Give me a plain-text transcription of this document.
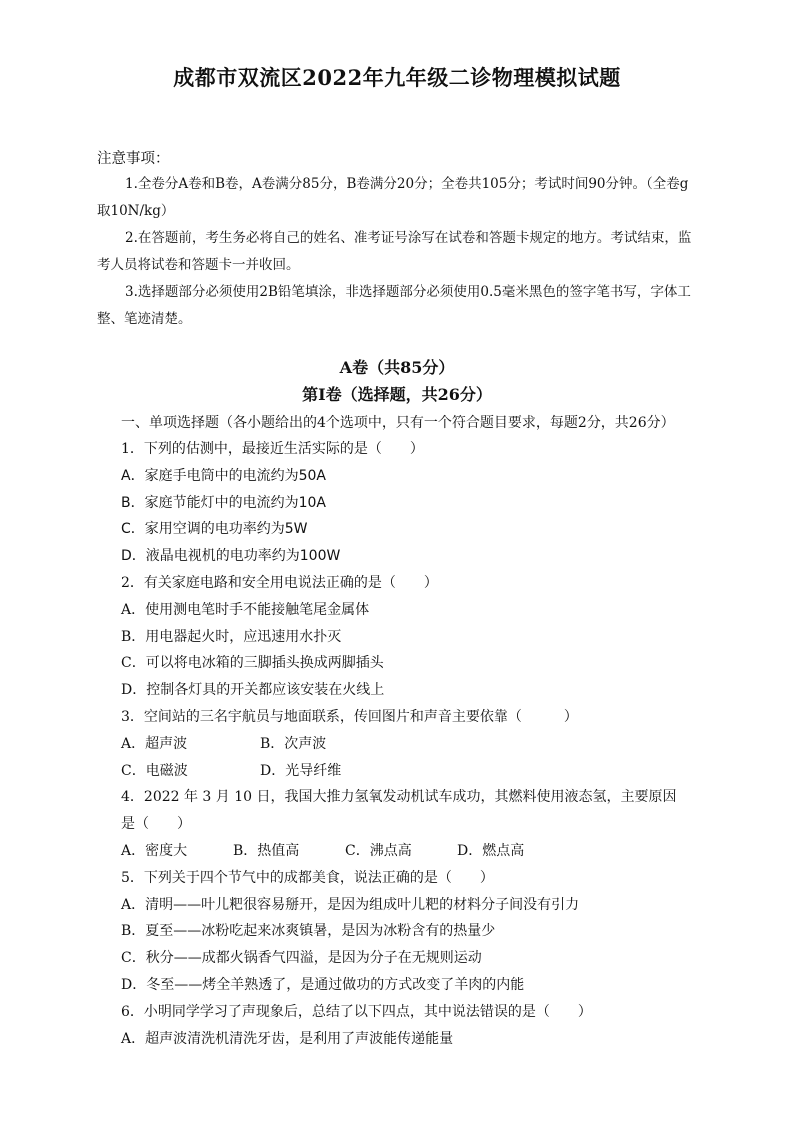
成都市双流区2022年九年级二诊物理模拟试题
注意事项：

1.全卷分A卷和B卷，A卷满分85分，B卷满分20分；全卷共105分；考试时间90分钟。（全卷g取10N/kg）

2.在答题前，考生务必将自己的姓名、准考证号涂写在试卷和答题卡规定的地方。考试结束，监考人员将试卷和答题卡一并收回。

3.选择题部分必须使用2B铅笔填涂，非选择题部分必须使用0.5毫米黑色的签字笔书写，字体工整、笔迹清楚。

A卷（共85分）
第Ⅰ卷（选择题，共26分）
一、单项选择题（各小题给出的4个选项中，只有一个符合题目要求，每题2分，共26分）
1．下列的估测中，最接近生活实际的是（　　）
A．家庭手电筒中的电流约为50A
B．家庭节能灯中的电流约为10A
C．家用空调的电功率约为5W
D．液晶电视机的电功率约为100W
2．有关家庭电路和安全用电说法正确的是（　　）
A．使用测电笔时手不能接触笔尾金属体
B．用电器起火时，应迅速用水扑灭
C．可以将电冰箱的三脚插头换成两脚插头
D．控制各灯具的开关都应该安装在火线上
3．空间站的三名宇航员与地面联系，传回图片和声音主要依靠（　　　）
A．超声波	B．次声波
C．电磁波	D．光导纤维
4．2022 年 3 月 10 日，我国大推力氢氧发动机试车成功，其燃料使用液态氢，主要原因
是（　　）
A．密度大	B．热值高	C．沸点高	D．燃点高
5．下列关于四个节气中的成都美食，说法正确的是（　　）
A．清明——叶儿粑很容易掰开，是因为组成叶儿粑的材料分子间没有引力
B．夏至——冰粉吃起来冰爽镇暑，是因为冰粉含有的热量少
C．秋分——成都火锅香气四溢，是因为分子在无规则运动
D．冬至——烤全羊熟透了，是通过做功的方式改变了羊肉的内能
6．小明同学学习了声现象后，总结了以下四点，其中说法错误的是（　　）
A．超声波清洗机清洗牙齿，是利用了声波能传递能量
